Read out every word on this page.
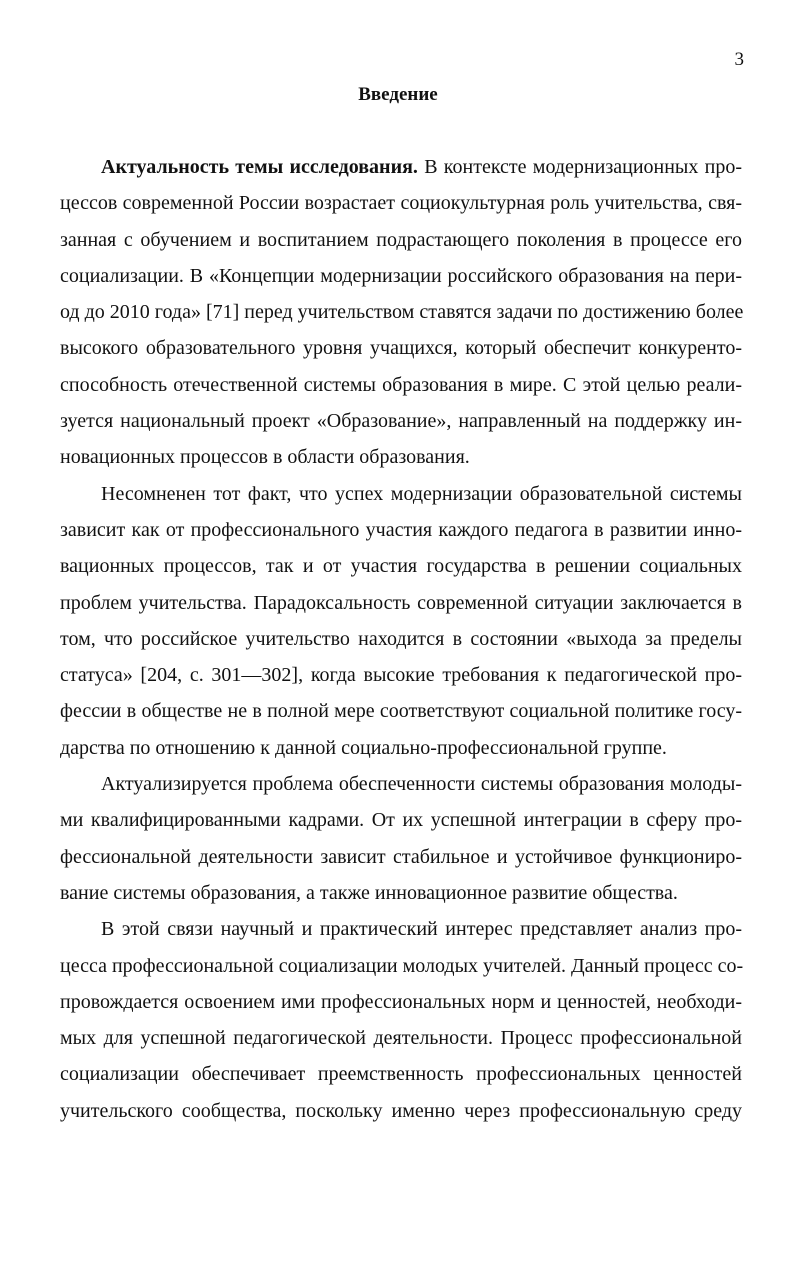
3
Введение
Актуальность темы исследования. В контексте модернизационных про-
цессов современной России возрастает социокультурная роль учительства, свя-
занная с обучением и воспитанием подрастающего поколения в процессе его
социализации. В «Концепции модернизации российского образования на пери-
од до 2010 года» [71] перед учительством ставятся задачи по достижению более
высокого образовательного уровня учащихся, который обеспечит конкуренто-
способность отечественной системы образования в мире. С этой целью реали-
зуется национальный проект «Образование», направленный на поддержку ин-
новационных процессов в области образования.
Несомненен тот факт, что успех модернизации образовательной системы
зависит как от профессионального участия каждого педагога в развитии инно-
вационных процессов, так и от участия государства в решении социальных
проблем учительства. Парадоксальность современной ситуации заключается в
том, что российское учительство находится в состоянии «выхода за пределы
статуса» [204, с. 301—302], когда высокие требования к педагогической про-
фессии в обществе не в полной мере соответствуют социальной политике госу-
дарства по отношению к данной социально-профессиональной группе.
Актуализируется проблема обеспеченности системы образования молоды-
ми квалифицированными кадрами. От их успешной интеграции в сферу про-
фессиональной деятельности зависит стабильное и устойчивое функциониро-
вание системы образования, а также инновационное развитие общества.
В этой связи научный и практический интерес представляет анализ про-
цесса профессиональной социализации молодых учителей. Данный процесс со-
провождается освоением ими профессиональных норм и ценностей, необходи-
мых для успешной педагогической деятельности. Процесс профессиональной
социализации обеспечивает преемственность профессиональных ценностей
учительского сообщества, поскольку именно через профессиональную среду
